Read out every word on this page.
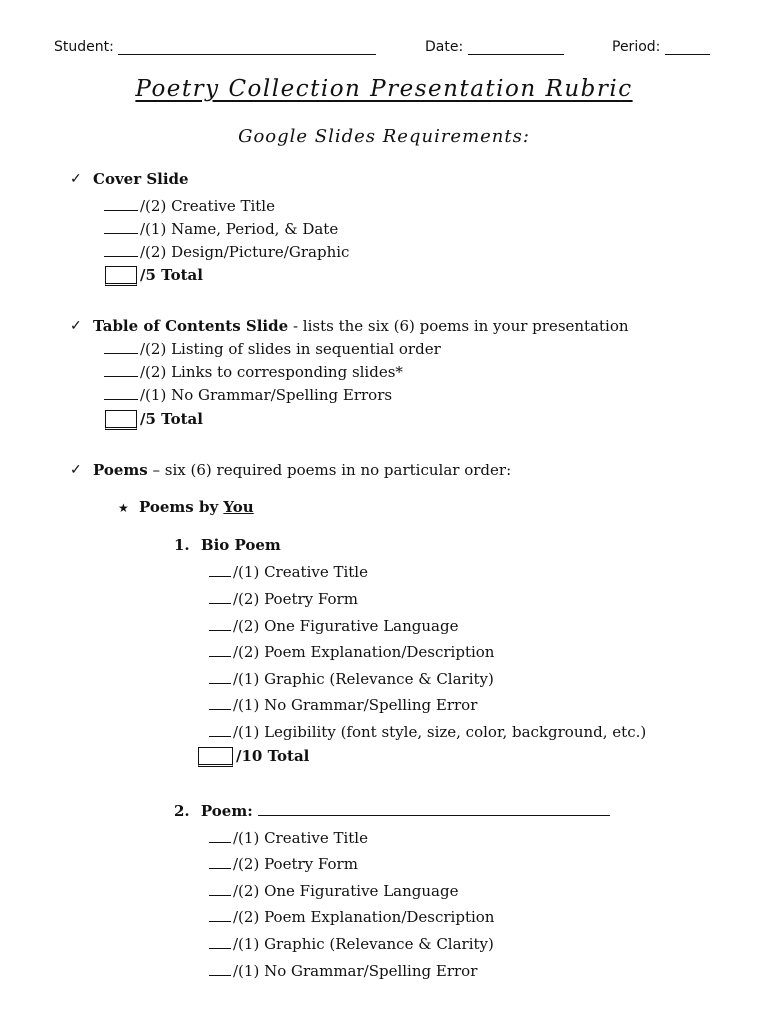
Student:	Date:	Period:
Poetry Collection Presentation Rubric
Google Slides Requirements:
✓ Cover Slide
/(2) Creative Title
/(1) Name, Period, & Date
/(2) Design/Picture/Graphic
/5 Total
✓ Table of Contents Slide - lists the six (6) poems in your presentation
/(2) Listing of slides in sequential order
/(2) Links to corresponding slides*
/(1) No Grammar/Spelling Errors
/5 Total
✓ Poems – six (6) required poems in no particular order:
★ Poems by You
1. Bio Poem
/(1) Creative Title
/(2) Poetry Form
/(2) One Figurative Language
/(2) Poem Explanation/Description
/(1) Graphic (Relevance & Clarity)
/(1) No Grammar/Spelling Error
/(1) Legibility (font style, size, color, background, etc.)
/10 Total
2. Poem:
/(1) Creative Title
/(2) Poetry Form
/(2) One Figurative Language
/(2) Poem Explanation/Description
/(1) Graphic (Relevance & Clarity)
/(1) No Grammar/Spelling Error
